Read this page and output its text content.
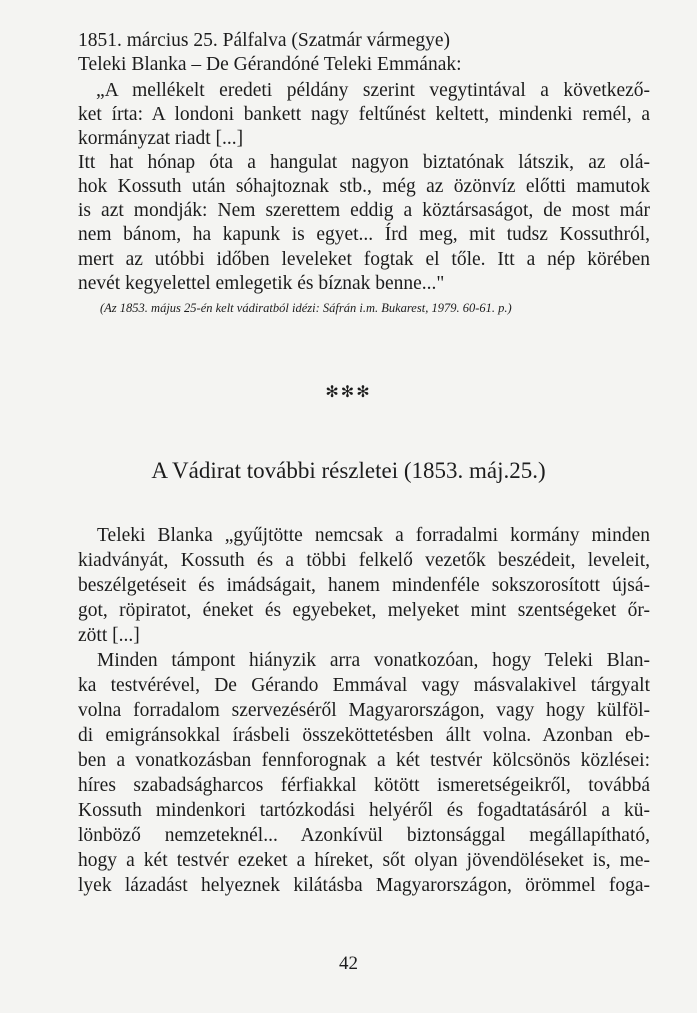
1851. március 25. Pálfalva (Szatmár vármegye)
Teleki Blanka – De Gérandóné Teleki Emmának:
„A mellékelt eredeti példány szerint vegytintával a következő-
ket írta: A londoni bankett nagy feltűnést keltett, mindenki remél, a
kormányzat riadt [...]
Itt hat hónap óta a hangulat nagyon biztatónak látszik, az olá-
hok Kossuth után sóhajtoznak stb., még az özönvíz előtti mamutok
is azt mondják: Nem szerettem eddig a köztársaságot, de most már
nem bánom, ha kapunk is egyet... Írd meg, mit tudsz Kossuthról,
mert az utóbbi időben leveleket fogtak el tőle. Itt a nép körében
nevét kegyelettel emlegetik és bíznak benne..."
(Az 1853. május 25-én kelt vádiratból idézi: Sáfrán i.m. Bukarest, 1979. 60-61. p.)
✻✻✻
A Vádirat további részletei (1853. máj.25.)
Teleki Blanka „gyűjtötte nemcsak a forradalmi kormány minden
kiadványát, Kossuth és a többi felkelő vezetők beszédeit, leveleit,
beszélgetéseit és imádságait, hanem mindenféle sokszorosított újsá-
got, röpiratot, éneket és egyebeket, melyeket mint szentségeket őr-
zött [...]
Minden támpont hiányzik arra vonatkozóan, hogy Teleki Blan-
ka testvérével, De Gérando Emmával vagy másvalakivel tárgyalt
volna forradalom szervezéséről Magyarországon, vagy hogy külföl-
di emigránsokkal írásbeli összeköttetésben állt volna. Azonban eb-
ben a vonatkozásban fennforognak a két testvér kölcsönös közlései:
híres szabadságharcos férfiakkal kötött ismeretségeikről, továbbá
Kossuth mindenkori tartózkodási helyéről és fogadtatásáról a kü-
lönböző nemzeteknél... Azonkívül biztonsággal megállapítható,
hogy a két testvér ezeket a híreket, sőt olyan jövendöléseket is, me-
lyek lázadást helyeznek kilátásba Magyarországon, örömmel foga-
42
